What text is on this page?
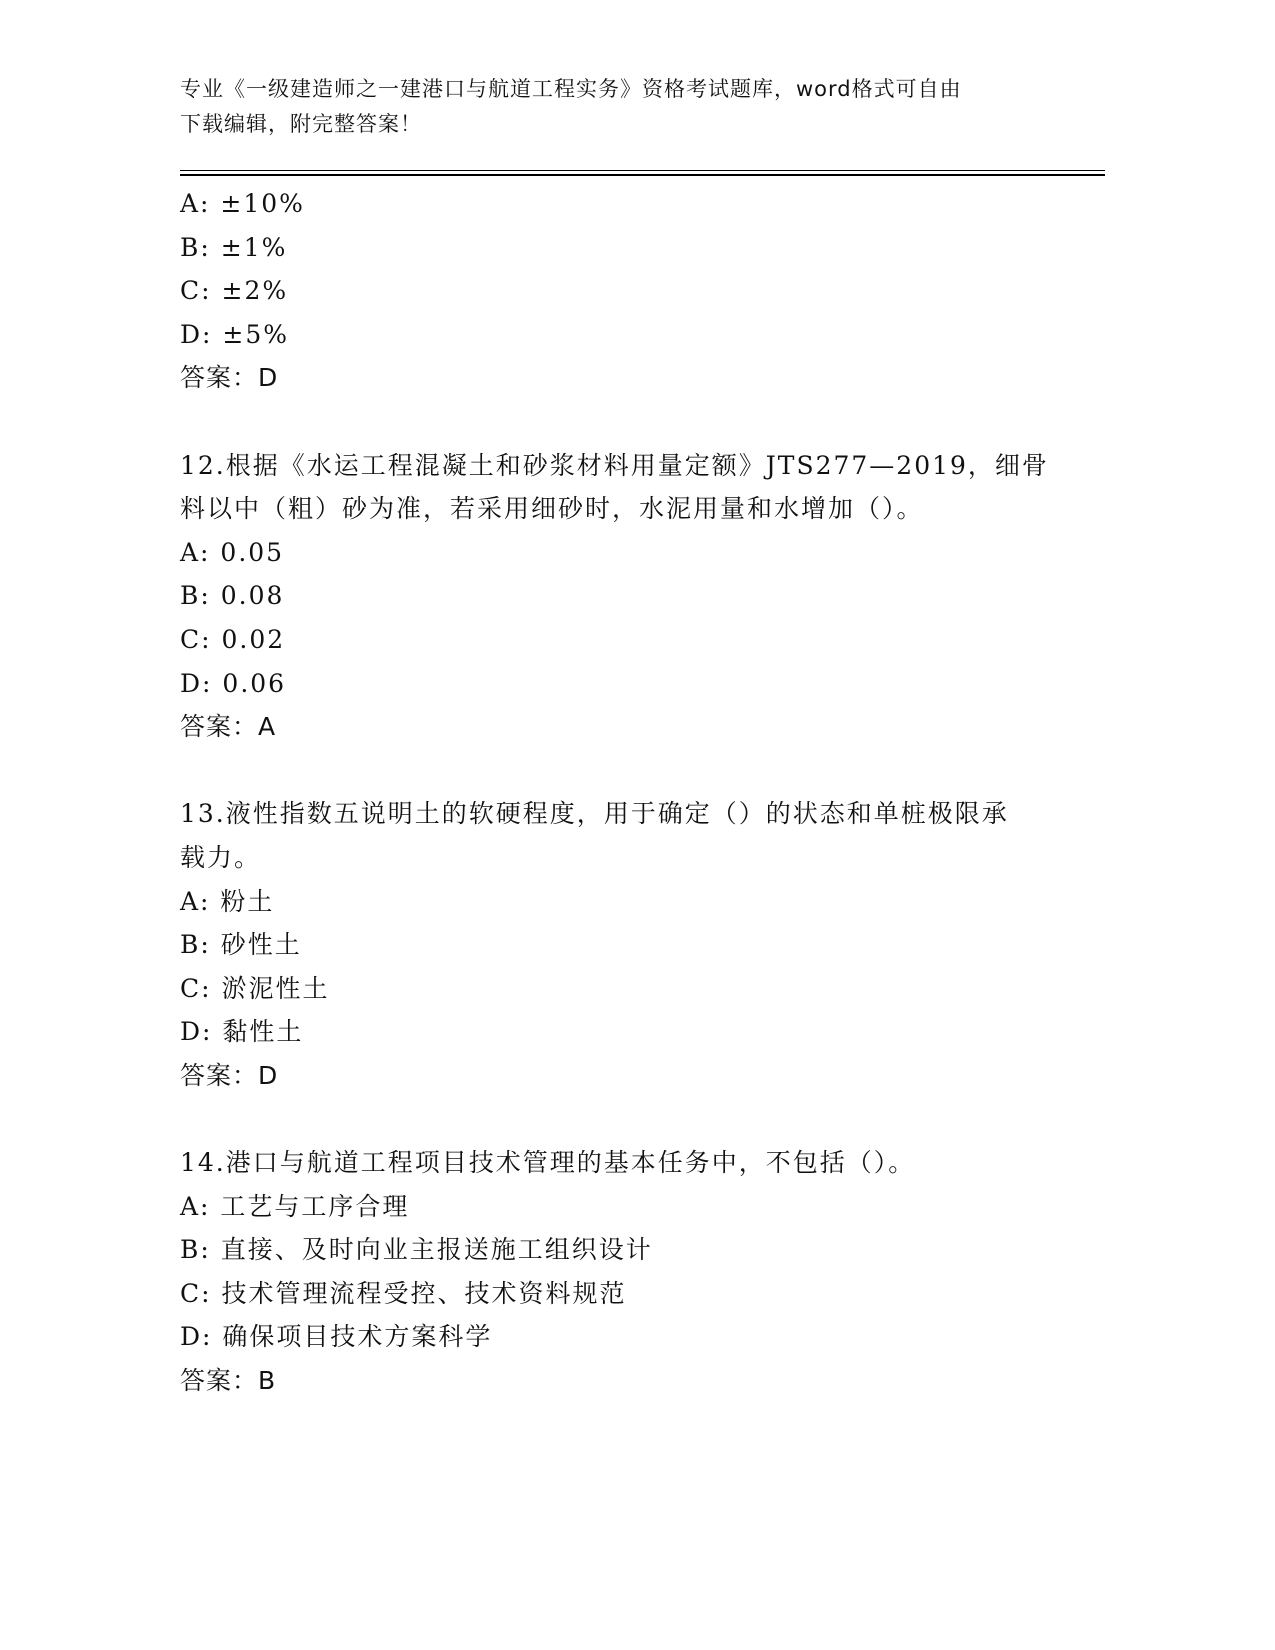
专业《一级建造师之一建港口与航道工程实务》资格考试题库，word格式可自由
下载编辑，附完整答案！
A: ±10%
B: ±1%
C: ±2%
D: ±5%
答案：D
12.根据《水运工程混凝土和砂浆材料用量定额》JTS277—2019，细骨
料以中（粗）砂为准，若采用细砂时，水泥用量和水增加（）。
A: 0.05
B: 0.08
C: 0.02
D: 0.06
答案：A
13.液性指数五说明土的软硬程度，用于确定（）的状态和单桩极限承
载力。
A: 粉土
B: 砂性土
C: 淤泥性土
D: 黏性土
答案：D
14.港口与航道工程项目技术管理的基本任务中，不包括（）。
A: 工艺与工序合理
B: 直接、及时向业主报送施工组织设计
C: 技术管理流程受控、技术资料规范
D: 确保项目技术方案科学
答案：B
